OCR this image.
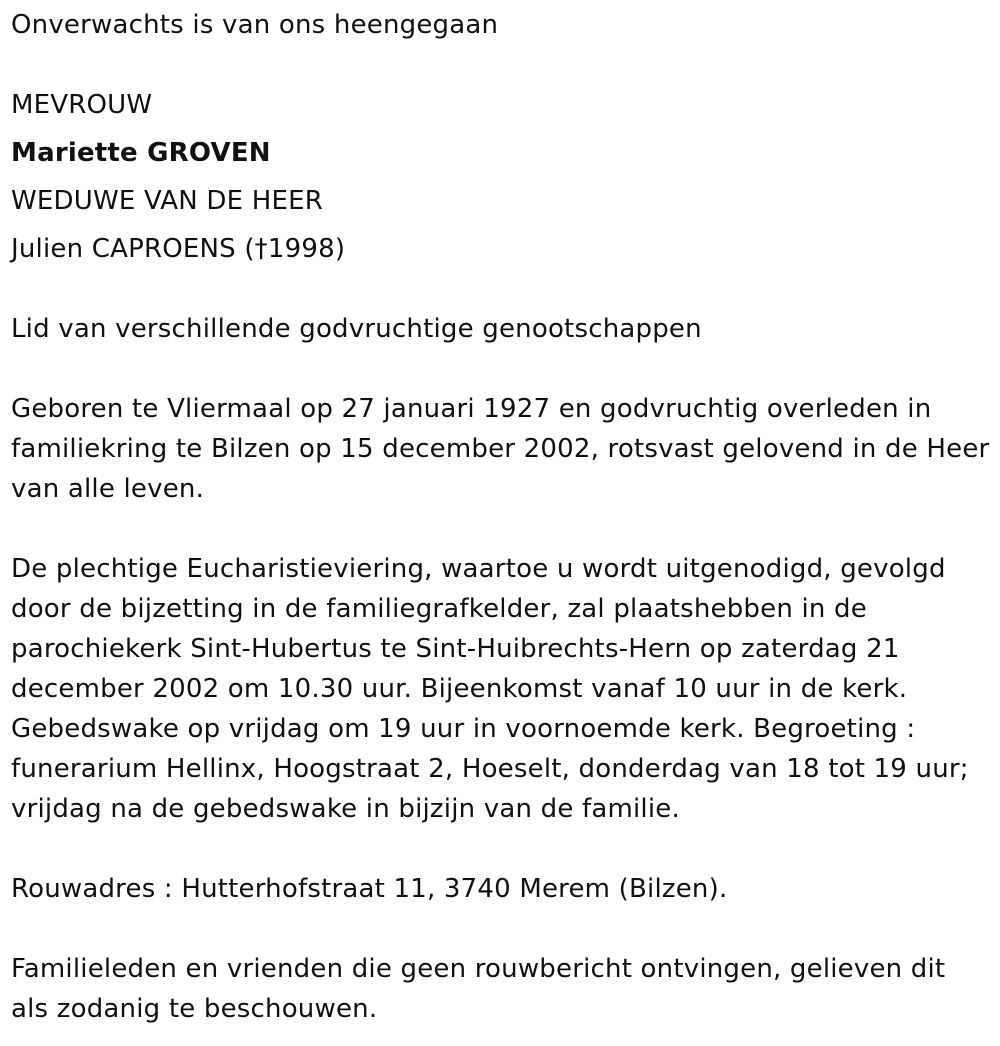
Onverwachts is van ons heengegaan

MEVROUW

Mariette GROVEN

WEDUWE VAN DE HEER

Julien CAPROENS (†1998)

Lid van verschillende godvruchtige genootschappen

Geboren te Vliermaal op 27 januari 1927 en godvruchtig overleden in

familiekring te Bilzen op 15 december 2002, rotsvast gelovend in de Heer

van alle leven.

De plechtige Eucharistieviering, waartoe u wordt uitgenodigd, gevolgd

door de bijzetting in de familiegrafkelder, zal plaatshebben in de

parochiekerk Sint-Hubertus te Sint-Huibrechts-Hern op zaterdag 21

december 2002 om 10.30 uur. Bijeenkomst vanaf 10 uur in de kerk.

Gebedswake op vrijdag om 19 uur in voornoemde kerk. Begroeting :

funerarium Hellinx, Hoogstraat 2, Hoeselt, donderdag van 18 tot 19 uur;

vrijdag na de gebedswake in bijzijn van de familie.

Rouwadres : Hutterhofstraat 11, 3740 Merem (Bilzen).

Familieleden en vrienden die geen rouwbericht ontvingen, gelieven dit

als zodanig te beschouwen.
